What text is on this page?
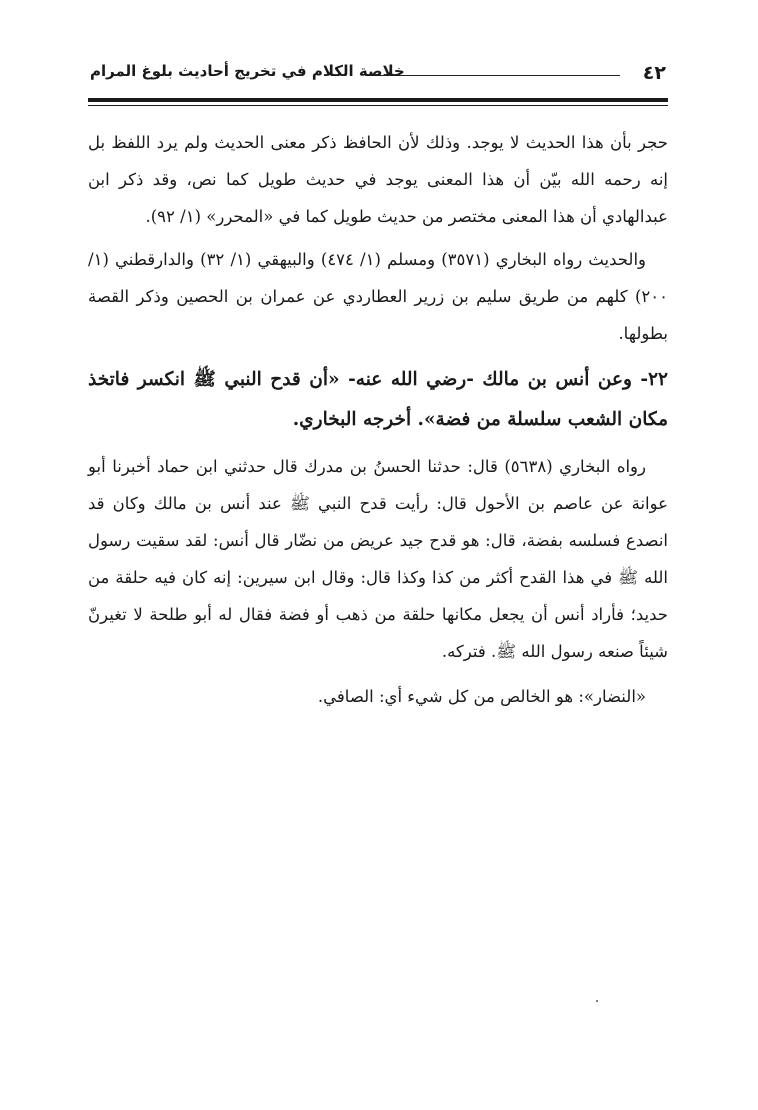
٤٢
خلاصة الكلام في تخريج أحاديث بلوغ المرام

حجر بأن هذا الحديث لا يوجد. وذلك لأن الحافظ ذكر معنى الحديث ولم يرد اللفظ بل إنه رحمه الله بيّن أن هذا المعنى يوجد في حديث طويل كما نص، وقد ذكر ابن عبدالهادي أن هذا المعنى مختصر من حديث طويل كما في «المحرر» (١/ ٩٢).

والحديث رواه البخاري (٣٥٧١) ومسلم (١/ ٤٧٤) والبيهقي (١/ ٣٢) والدارقطني (١/ ٢٠٠) كلهم من طريق سليم بن زرير العطاردي عن عمران بن الحصين وذكر القصة بطولها.

٢٢- وعن أنس بن مالك -رضي الله عنه- «أن قدح النبي ﷺ انكسر فاتخذ مكان الشعب سلسلة من فضة». أخرجه البخاري.

رواه البخاري (٥٦٣٨) قال: حدثنا الحسنُ بن مدرك قال حدثني ابن حماد أخبرنا أبو عوانة عن عاصم بن الأحول قال: رأيت قدح النبي ﷺ عند أنس بن مالك وكان قد انصدع فسلسه بفضة، قال: هو قدح جيد عريض من نضّار قال أنس: لقد سقيت رسول الله ﷺ في هذا القدح أكثر من كذا وكذا قال: وقال ابن سيرين: إنه كان فيه حلقة من حديد؛ فأراد أنس أن يجعل مكانها حلقة من ذهب أو فضة فقال له أبو طلحة لا تغيرنّ شيئاً صنعه رسول الله ﷺ. فتركه.

«النضار»: هو الخالص من كل شيء أي: الصافي.
